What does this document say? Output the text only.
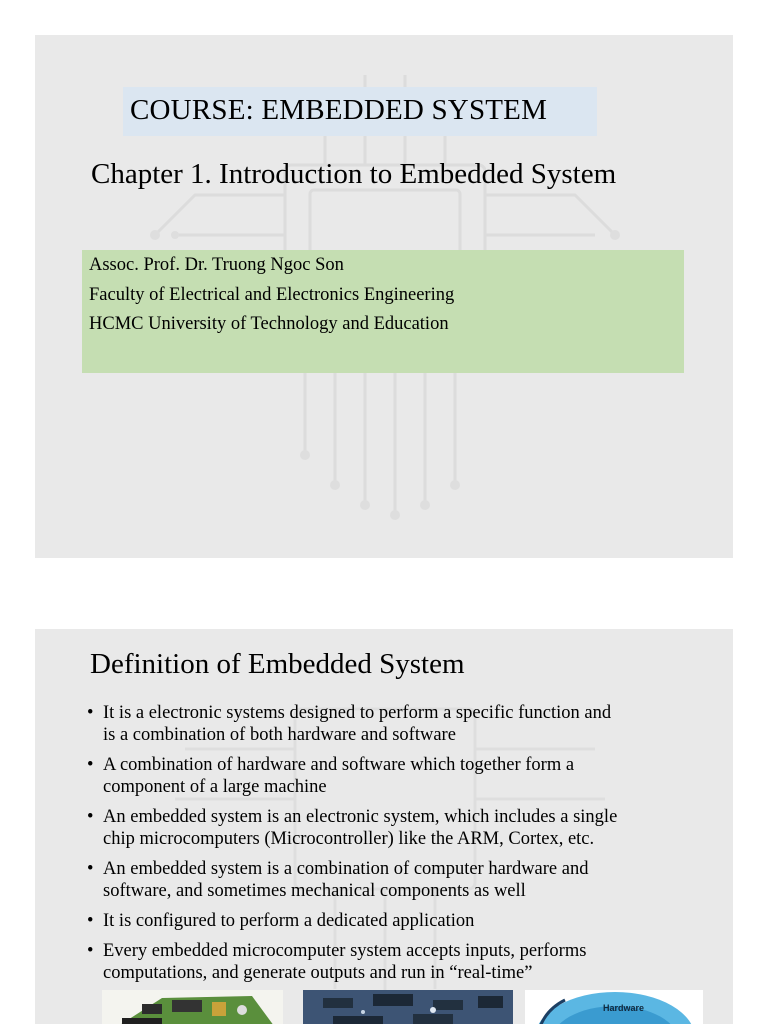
COURSE: EMBEDDED SYSTEM
Chapter 1. Introduction to Embedded System
Assoc. Prof. Dr. Truong Ngoc Son
Faculty of Electrical and Electronics Engineering
HCMC University of Technology and Education
Definition of Embedded System
• It is a electronic systems designed to perform a specific function and
is a combination of both hardware and software
• A combination of hardware and software which together form a
component of a large machine
• An embedded system is an electronic system, which includes a single
chip microcomputers (Microcontroller) like the ARM, Cortex, etc.
• An embedded system is a combination of computer hardware and
software, and sometimes mechanical components as well
• It is configured to perform a dedicated application
• Every embedded microcomputer system accepts inputs, performs
computations, and generate outputs and run in “real-time”
Hardware
